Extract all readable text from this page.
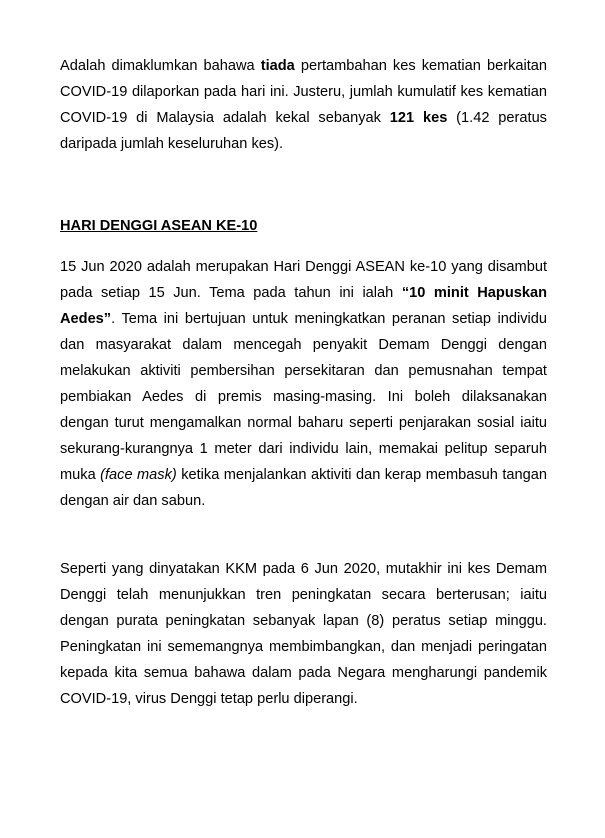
Adalah dimaklumkan bahawa tiada pertambahan kes kematian berkaitan COVID-19 dilaporkan pada hari ini. Justeru, jumlah kumulatif kes kematian COVID-19 di Malaysia adalah kekal sebanyak 121 kes (1.42 peratus daripada jumlah keseluruhan kes).

HARI DENGGI ASEAN KE-10

15 Jun 2020 adalah merupakan Hari Denggi ASEAN ke-10 yang disambut pada setiap 15 Jun. Tema pada tahun ini ialah “10 minit Hapuskan Aedes”. Tema ini bertujuan untuk meningkatkan peranan setiap individu dan masyarakat dalam mencegah penyakit Demam Denggi dengan melakukan aktiviti pembersihan persekitaran dan pemusnahan tempat pembiakan Aedes di premis masing-masing. Ini boleh dilaksanakan dengan turut mengamalkan normal baharu seperti penjarakan sosial iaitu sekurang-kurangnya 1 meter dari individu lain, memakai pelitup separuh muka (face mask) ketika menjalankan aktiviti dan kerap membasuh tangan dengan air dan sabun.

Seperti yang dinyatakan KKM pada 6 Jun 2020, mutakhir ini kes Demam Denggi telah menunjukkan tren peningkatan secara berterusan; iaitu dengan purata peningkatan sebanyak lapan (8) peratus setiap minggu. Peningkatan ini sememangnya membimbangkan, dan menjadi peringatan kepada kita semua bahawa dalam pada Negara mengharungi pandemik COVID-19, virus Denggi tetap perlu diperangi.
